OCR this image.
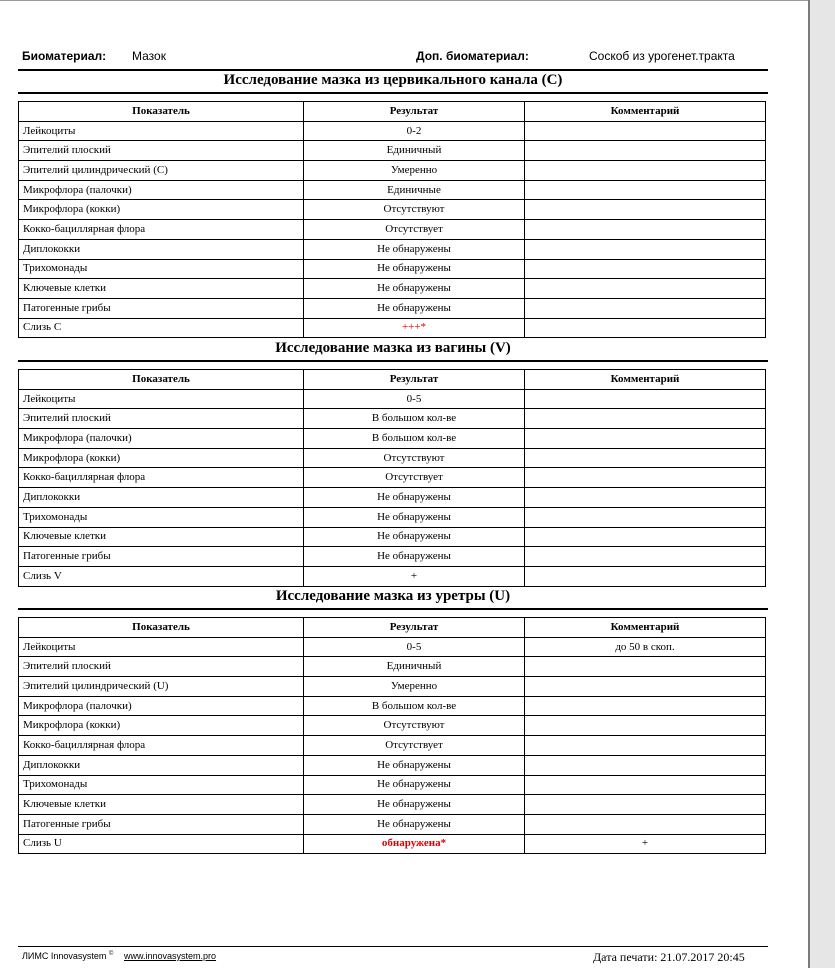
Биоматериал: Мазок	Доп. биоматериал:	Соскоб из урогенет.тракта
Исследование мазка из цервикального канала (C)
Показатель	Результат	Комментарий
Лейкоциты	0-2	
Эпителий плоский	Единичный	
Эпителий цилиндрический (C)	Умеренно	
Микрофлора (палочки)	Единичные	
Микрофлора (кокки)	Отсутствуют	
Кокко-бациллярная флора	Отсутствует	
Диплококки	Не обнаружены	
Трихомонады	Не обнаружены	
Ключевые клетки	Не обнаружены	
Патогенные грибы	Не обнаружены	
Слизь C	+++*	
Исследование мазка из вагины (V)
Показатель	Результат	Комментарий
Лейкоциты	0-5	
Эпителий плоский	В большом кол-ве	
Микрофлора (палочки)	В большом кол-ве	
Микрофлора (кокки)	Отсутствуют	
Кокко-бациллярная флора	Отсутствует	
Диплококки	Не обнаружены	
Трихомонады	Не обнаружены	
Ключевые клетки	Не обнаружены	
Патогенные грибы	Не обнаружены	
Слизь V	+	
Исследование мазка из уретры (U)
Показатель	Результат	Комментарий
Лейкоциты	0-5	до 50 в скоп.
Эпителий плоский	Единичный	
Эпителий цилиндрический (U)	Умеренно	
Микрофлора (палочки)	В большом кол-ве	
Микрофлора (кокки)	Отсутствуют	
Кокко-бациллярная флора	Отсутствует	
Диплококки	Не обнаружены	
Трихомонады	Не обнаружены	
Ключевые клетки	Не обнаружены	
Патогенные грибы	Не обнаружены	
Слизь U	обнаружена*	+
ЛИМС Innovasystem © www.innovasystem.pro	Дата печати: 21.07.2017 20:45
